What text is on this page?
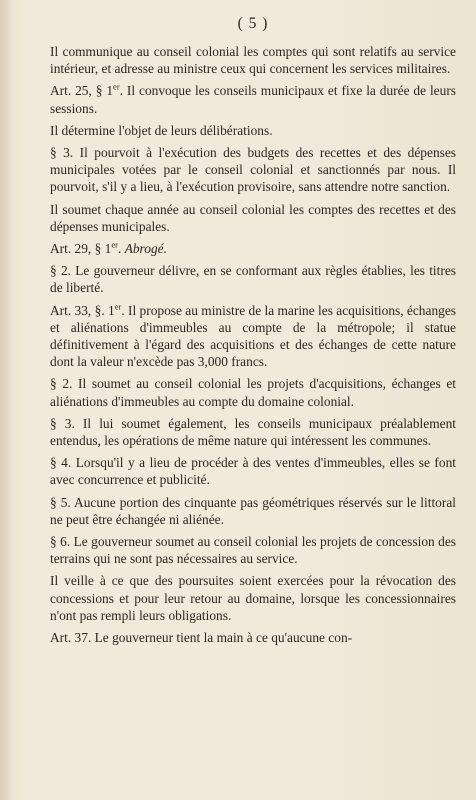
( 5 )

Il communique au conseil colonial les comptes qui sont relatifs au service intérieur, et adresse au ministre ceux qui concernent les services militaires.

Art. 25, § 1er. Il convoque les conseils municipaux et fixe la durée de leurs sessions.

Il détermine l'objet de leurs délibérations.

§ 3. Il pourvoit à l'exécution des budgets des recettes et des dépenses municipales votées par le conseil colonial et sanctionnés par nous. Il pourvoit, s'il y a lieu, à l'exécution provisoire, sans attendre notre sanction.

Il soumet chaque année au conseil colonial les comptes des recettes et des dépenses municipales.

Art. 29, § 1er. Abrogé.

§ 2. Le gouverneur délivre, en se conformant aux règles établies, les titres de liberté.

Art. 33, §. 1er. Il propose au ministre de la marine les acquisitions, échanges et aliénations d'immeubles au compte de la métropole; il statue définitivement à l'égard des acquisitions et des échanges de cette nature dont la valeur n'excède pas 3,000 francs.

§ 2. Il soumet au conseil colonial les projets d'acquisitions, échanges et aliénations d'immeubles au compte du domaine colonial.

§ 3. Il lui soumet également, les conseils municipaux préalablement entendus, les opérations de même nature qui intéressent les communes.

§ 4. Lorsqu'il y a lieu de procéder à des ventes d'immeubles, elles se font avec concurrence et publicité.

§ 5. Aucune portion des cinquante pas géométriques réservés sur le littoral ne peut être échangée ni aliénée.

§ 6. Le gouverneur soumet au conseil colonial les projets de concession des terrains qui ne sont pas nécessaires au service.

Il veille à ce que des poursuites soient exercées pour la révocation des concessions et pour leur retour au domaine, lorsque les concessionnaires n'ont pas rempli leurs obligations.

Art. 37. Le gouverneur tient la main à ce qu'aucune con-
